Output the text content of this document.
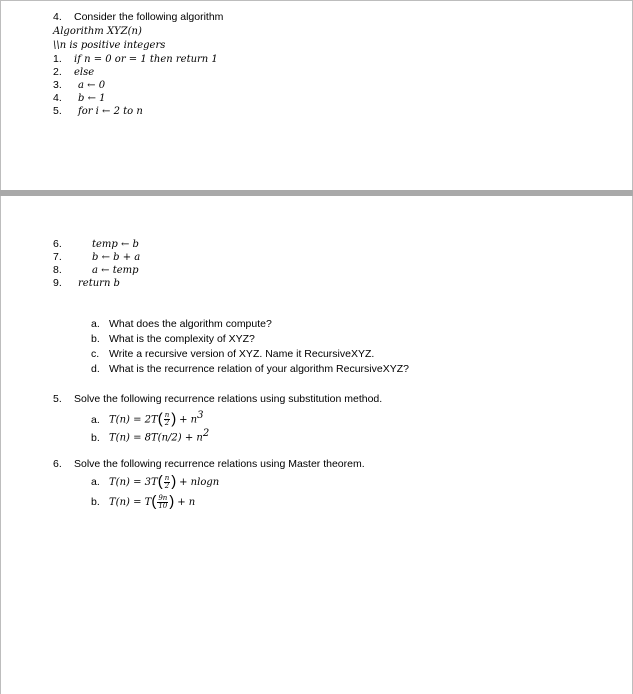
4. Consider the following algorithm
Algorithm XYZ(n)
\\n is positive integers
1. if n = 0 or = 1 then return 1
2. else
3. a ← 0
4. b ← 1
5. for i ← 2 to n
6.	temp ← b
7.	b ← b + a
8.	a ← temp
9. return b
a. What does the algorithm compute?
b. What is the complexity of XYZ?
c. Write a recursive version of XYZ. Name it RecursiveXYZ.
d. What is the recurrence relation of your algorithm RecursiveXYZ?
5. Solve the following recurrence relations using substitution method.
a. $T(n) = 2T( \frac{n}{2}$ ) + $n^3$
b. $T(n) = 8T(n/2) + n^2$
6. Solve the following recurrence relations using Master theorem.
a. $T(n) = 3T( \frac{n}{2}$ ) + nlogn
b. $T(n) = T( \frac{9n}{10}$ ) + n
